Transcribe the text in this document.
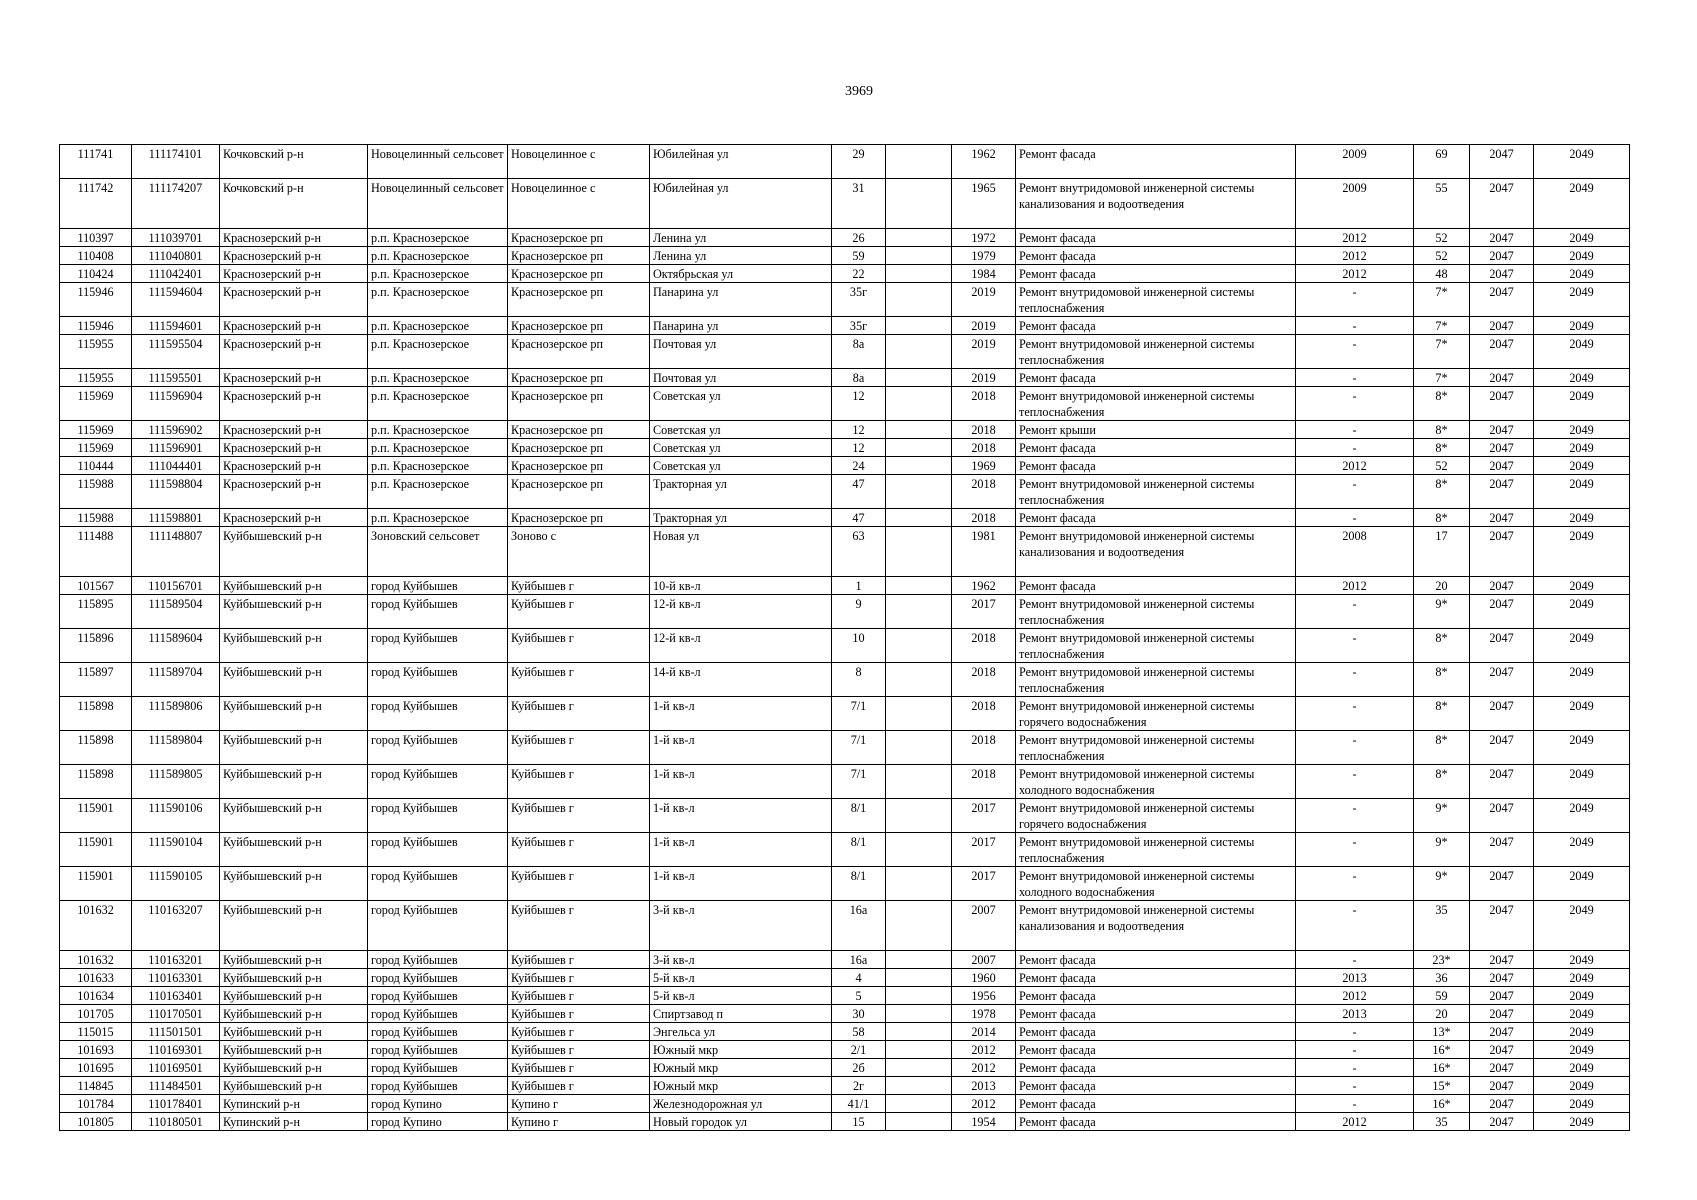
3969
111741	111174101	Кочковский р-н	Новоцелинный сельсовет	Новоцелинное с	Юбилейная ул	29		1962	Ремонт фасада	2009	69	2047	2049
111742	111174207	Кочковский р-н	Новоцелинный сельсовет	Новоцелинное с	Юбилейная ул	31		1965	Ремонт внутридомовой инженерной системы канализования и водоотведения	2009	55	2047	2049
110397	111039701	Краснозерский р-н	р.п. Краснозерское	Краснозерское рп	Ленина ул	26		1972	Ремонт фасада	2012	52	2047	2049
110408	111040801	Краснозерский р-н	р.п. Краснозерское	Краснозерское рп	Ленина ул	59		1979	Ремонт фасада	2012	52	2047	2049
110424	111042401	Краснозерский р-н	р.п. Краснозерское	Краснозерское рп	Октябрьская ул	22		1984	Ремонт фасада	2012	48	2047	2049
115946	111594604	Краснозерский р-н	р.п. Краснозерское	Краснозерское рп	Панарина ул	35г		2019	Ремонт внутридомовой инженерной системы теплоснабжения	-	7*	2047	2049
115946	111594601	Краснозерский р-н	р.п. Краснозерское	Краснозерское рп	Панарина ул	35г		2019	Ремонт фасада	-	7*	2047	2049
115955	111595504	Краснозерский р-н	р.п. Краснозерское	Краснозерское рп	Почтовая ул	8а		2019	Ремонт внутридомовой инженерной системы теплоснабжения	-	7*	2047	2049
115955	111595501	Краснозерский р-н	р.п. Краснозерское	Краснозерское рп	Почтовая ул	8а		2019	Ремонт фасада	-	7*	2047	2049
115969	111596904	Краснозерский р-н	р.п. Краснозерское	Краснозерское рп	Советская ул	12		2018	Ремонт внутридомовой инженерной системы теплоснабжения	-	8*	2047	2049
115969	111596902	Краснозерский р-н	р.п. Краснозерское	Краснозерское рп	Советская ул	12		2018	Ремонт крыши	-	8*	2047	2049
115969	111596901	Краснозерский р-н	р.п. Краснозерское	Краснозерское рп	Советская ул	12		2018	Ремонт фасада	-	8*	2047	2049
110444	111044401	Краснозерский р-н	р.п. Краснозерское	Краснозерское рп	Советская ул	24		1969	Ремонт фасада	2012	52	2047	2049
115988	111598804	Краснозерский р-н	р.п. Краснозерское	Краснозерское рп	Тракторная ул	47		2018	Ремонт внутридомовой инженерной системы теплоснабжения	-	8*	2047	2049
115988	111598801	Краснозерский р-н	р.п. Краснозерское	Краснозерское рп	Тракторная ул	47		2018	Ремонт фасада	-	8*	2047	2049
111488	111148807	Куйбышевский р-н	Зоновский сельсовет	Зоново с	Новая ул	63		1981	Ремонт внутридомовой инженерной системы канализования и водоотведения	2008	17	2047	2049
101567	110156701	Куйбышевский р-н	город Куйбышев	Куйбышев г	10-й кв-л	1		1962	Ремонт фасада	2012	20	2047	2049
115895	111589504	Куйбышевский р-н	город Куйбышев	Куйбышев г	12-й кв-л	9		2017	Ремонт внутридомовой инженерной системы теплоснабжения	-	9*	2047	2049
115896	111589604	Куйбышевский р-н	город Куйбышев	Куйбышев г	12-й кв-л	10		2018	Ремонт внутридомовой инженерной системы теплоснабжения	-	8*	2047	2049
115897	111589704	Куйбышевский р-н	город Куйбышев	Куйбышев г	14-й кв-л	8		2018	Ремонт внутридомовой инженерной системы теплоснабжения	-	8*	2047	2049
115898	111589806	Куйбышевский р-н	город Куйбышев	Куйбышев г	1-й кв-л	7/1		2018	Ремонт внутридомовой инженерной системы горячего водоснабжения	-	8*	2047	2049
115898	111589804	Куйбышевский р-н	город Куйбышев	Куйбышев г	1-й кв-л	7/1		2018	Ремонт внутридомовой инженерной системы теплоснабжения	-	8*	2047	2049
115898	111589805	Куйбышевский р-н	город Куйбышев	Куйбышев г	1-й кв-л	7/1		2018	Ремонт внутридомовой инженерной системы холодного водоснабжения	-	8*	2047	2049
115901	111590106	Куйбышевский р-н	город Куйбышев	Куйбышев г	1-й кв-л	8/1		2017	Ремонт внутридомовой инженерной системы горячего водоснабжения	-	9*	2047	2049
115901	111590104	Куйбышевский р-н	город Куйбышев	Куйбышев г	1-й кв-л	8/1		2017	Ремонт внутридомовой инженерной системы теплоснабжения	-	9*	2047	2049
115901	111590105	Куйбышевский р-н	город Куйбышев	Куйбышев г	1-й кв-л	8/1		2017	Ремонт внутридомовой инженерной системы холодного водоснабжения	-	9*	2047	2049
101632	110163207	Куйбышевский р-н	город Куйбышев	Куйбышев г	3-й кв-л	16а		2007	Ремонт внутридомовой инженерной системы канализования и водоотведения	-	35	2047	2049
101632	110163201	Куйбышевский р-н	город Куйбышев	Куйбышев г	3-й кв-л	16а		2007	Ремонт фасада	-	23*	2047	2049
101633	110163301	Куйбышевский р-н	город Куйбышев	Куйбышев г	5-й кв-л	4		1960	Ремонт фасада	2013	36	2047	2049
101634	110163401	Куйбышевский р-н	город Куйбышев	Куйбышев г	5-й кв-л	5		1956	Ремонт фасада	2012	59	2047	2049
101705	110170501	Куйбышевский р-н	город Куйбышев	Куйбышев г	Спиртзавод п	30		1978	Ремонт фасада	2013	20	2047	2049
115015	111501501	Куйбышевский р-н	город Куйбышев	Куйбышев г	Энгельса ул	58		2014	Ремонт фасада	-	13*	2047	2049
101693	110169301	Куйбышевский р-н	город Куйбышев	Куйбышев г	Южный мкр	2/1		2012	Ремонт фасада	-	16*	2047	2049
101695	110169501	Куйбышевский р-н	город Куйбышев	Куйбышев г	Южный мкр	2б		2012	Ремонт фасада	-	16*	2047	2049
114845	111484501	Куйбышевский р-н	город Куйбышев	Куйбышев г	Южный мкр	2г		2013	Ремонт фасада	-	15*	2047	2049
101784	110178401	Купинский р-н	город Купино	Купино г	Железнодорожная ул	41/1		2012	Ремонт фасада	-	16*	2047	2049
101805	110180501	Купинский р-н	город Купино	Купино г	Новый городок ул	15		1954	Ремонт фасада	2012	35	2047	2049
